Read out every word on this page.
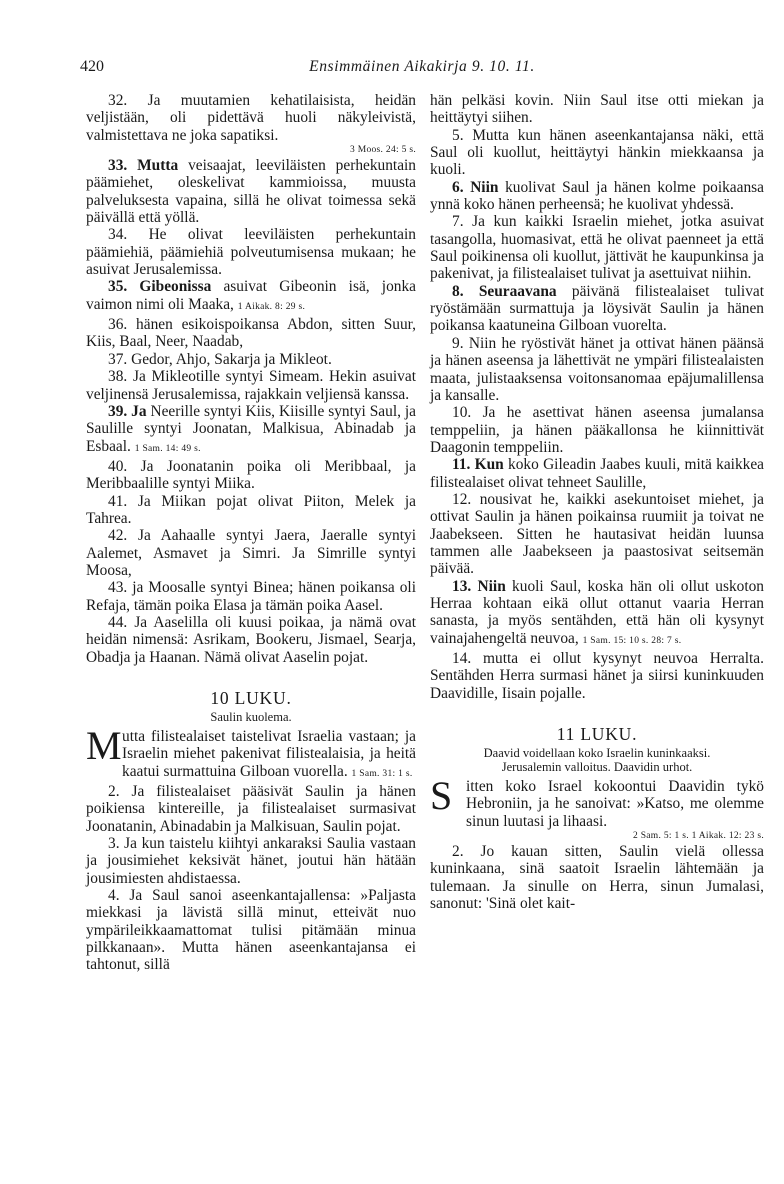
420	Ensimmäinen Aikakirja 9. 10. 11.

32. Ja muutamien kehatilaisista, heidän veljistään, oli pidettävä huoli näkyleivistä, valmistettava ne joka sapatiksi.

3 Moos. 24: 5 s.

33. Mutta veisaajat, leeviläisten perhekuntain päämiehet, oleskelivat kammioissa, muusta palveluksesta vapaina, sillä he olivat toimessa sekä päivällä että yöllä.

34. He olivat leeviläisten perhekuntain päämiehiä, päämiehiä polveutumisensa mukaan; he asuivat Jerusalemissa.

35. Gibeonissa asuivat Gibeonin isä, jonka vaimon nimi oli Maaka, 1 Aikak. 8: 29 s.

36. hänen esikoispoikansa Abdon, sitten Suur, Kiis, Baal, Neer, Naadab,

37. Gedor, Ahjo, Sakarja ja Mikleot.

38. Ja Mikleotille syntyi Simeam. Hekin asuivat veljinensä Jerusalemissa, rajakkain veljiensä kanssa.

39. Ja Neerille syntyi Kiis, Kiisille syntyi Saul, ja Saulille syntyi Joonatan, Malkisua, Abinadab ja Esbaal. 1 Sam. 14: 49 s.

40. Ja Joonatanin poika oli Meribbaal, ja Meribbaalille syntyi Miika.

41. Ja Miikan pojat olivat Piiton, Melek ja Tahrea.

42. Ja Aahaalle syntyi Jaera, Jaeralle syntyi Aalemet, Asmavet ja Simri. Ja Simrille syntyi Moosa,

43. ja Moosalle syntyi Binea; hänen poikansa oli Refaja, tämän poika Elasa ja tämän poika Aasel.

44. Ja Aaselilla oli kuusi poikaa, ja nämä ovat heidän nimensä: Asrikam, Bookeru, Jismael, Searja, Obadja ja Haanan. Nämä olivat Aaselin pojat.

10 LUKU.
Saulin kuolema.

M utta filistealaiset taistelivat Israelia vastaan; ja Israelin miehet pakenivat filistealaisia, ja heitä kaatui surmattuina Gilboan vuorella. 1 Sam. 31: 1 s.

2. Ja filistealaiset pääsivät Saulin ja hänen poikiensa kintereille, ja filistealaiset surmasivat Joonatanin, Abinadabin ja Malkisuan, Saulin pojat.

3. Ja kun taistelu kiihtyi ankaraksi Saulia vastaan ja jousimiehet keksivät hänet, joutui hän hätään jousimiesten ahdistaessa.

4. Ja Saul sanoi aseenkantajallensa: »Paljasta miekkasi ja lävistä sillä minut, etteivät nuo ympärileikkaamattomat tulisi pitämään minua pilkkanaan». Mutta hänen aseenkantajansa ei tahtonut, sillä

hän pelkäsi kovin. Niin Saul itse otti miekan ja heittäytyi siihen.

5. Mutta kun hänen aseenkantajansa näki, että Saul oli kuollut, heittäytyi hänkin miekkaansa ja kuoli.

6. Niin kuolivat Saul ja hänen kolme poikaansa ynnä koko hänen perheensä; he kuolivat yhdessä.

7. Ja kun kaikki Israelin miehet, jotka asuivat tasangolla, huomasivat, että he olivat paenneet ja että Saul poikinensa oli kuollut, jättivät he kaupunkinsa ja pakenivat, ja filistealaiset tulivat ja asettuivat niihin.

8. Seuraavana päivänä filistealaiset tulivat ryöstämään surmattuja ja löysivät Saulin ja hänen poikansa kaatuneina Gilboan vuorelta.

9. Niin he ryöstivät hänet ja ottivat hänen päänsä ja hänen aseensa ja lähettivät ne ympäri filistealaisten maata, julistaaksensa voitonsanomaa epäjumalillensa ja kansalle.

10. Ja he asettivat hänen aseensa jumalansa temppeliin, ja hänen pääkallonsa he kiinnittivät Daagonin temppeliin.

11. Kun koko Gileadin Jaabes kuuli, mitä kaikkea filistealaiset olivat tehneet Saulille,

12. nousivat he, kaikki asekuntoiset miehet, ja ottivat Saulin ja hänen poikainsa ruumiit ja toivat ne Jaabekseen. Sitten he hautasivat heidän luunsa tammen alle Jaabekseen ja paastosivat seitsemän päivää.

13. Niin kuoli Saul, koska hän oli ollut uskoton Herraa kohtaan eikä ollut ottanut vaaria Herran sanasta, ja myös sentähden, että hän oli kysynyt vainajahengeltä neuvoa, 1 Sam. 15: 10 s. 28: 7 s.

14. mutta ei ollut kysynyt neuvoa Herralta. Sentähden Herra surmasi hänet ja siirsi kuninkuuden Daavidille, Iisain pojalle.

11 LUKU.
Daavid voidellaan koko Israelin kuninkaaksi.
Jerusalemin valloitus. Daavidin urhot.

S itten koko Israel kokoontui Daavidin tykö Hebroniin, ja he sanoivat: »Katso, me olemme sinun luutasi ja lihaasi.

2 Sam. 5: 1 s. 1 Aikak. 12: 23 s.

2. Jo kauan sitten, Saulin vielä ollessa kuninkaana, sinä saatoit Israelin lähtemään ja tulemaan. Ja sinulle on Herra, sinun Jumalasi, sanonut: 'Sinä olet kait-
